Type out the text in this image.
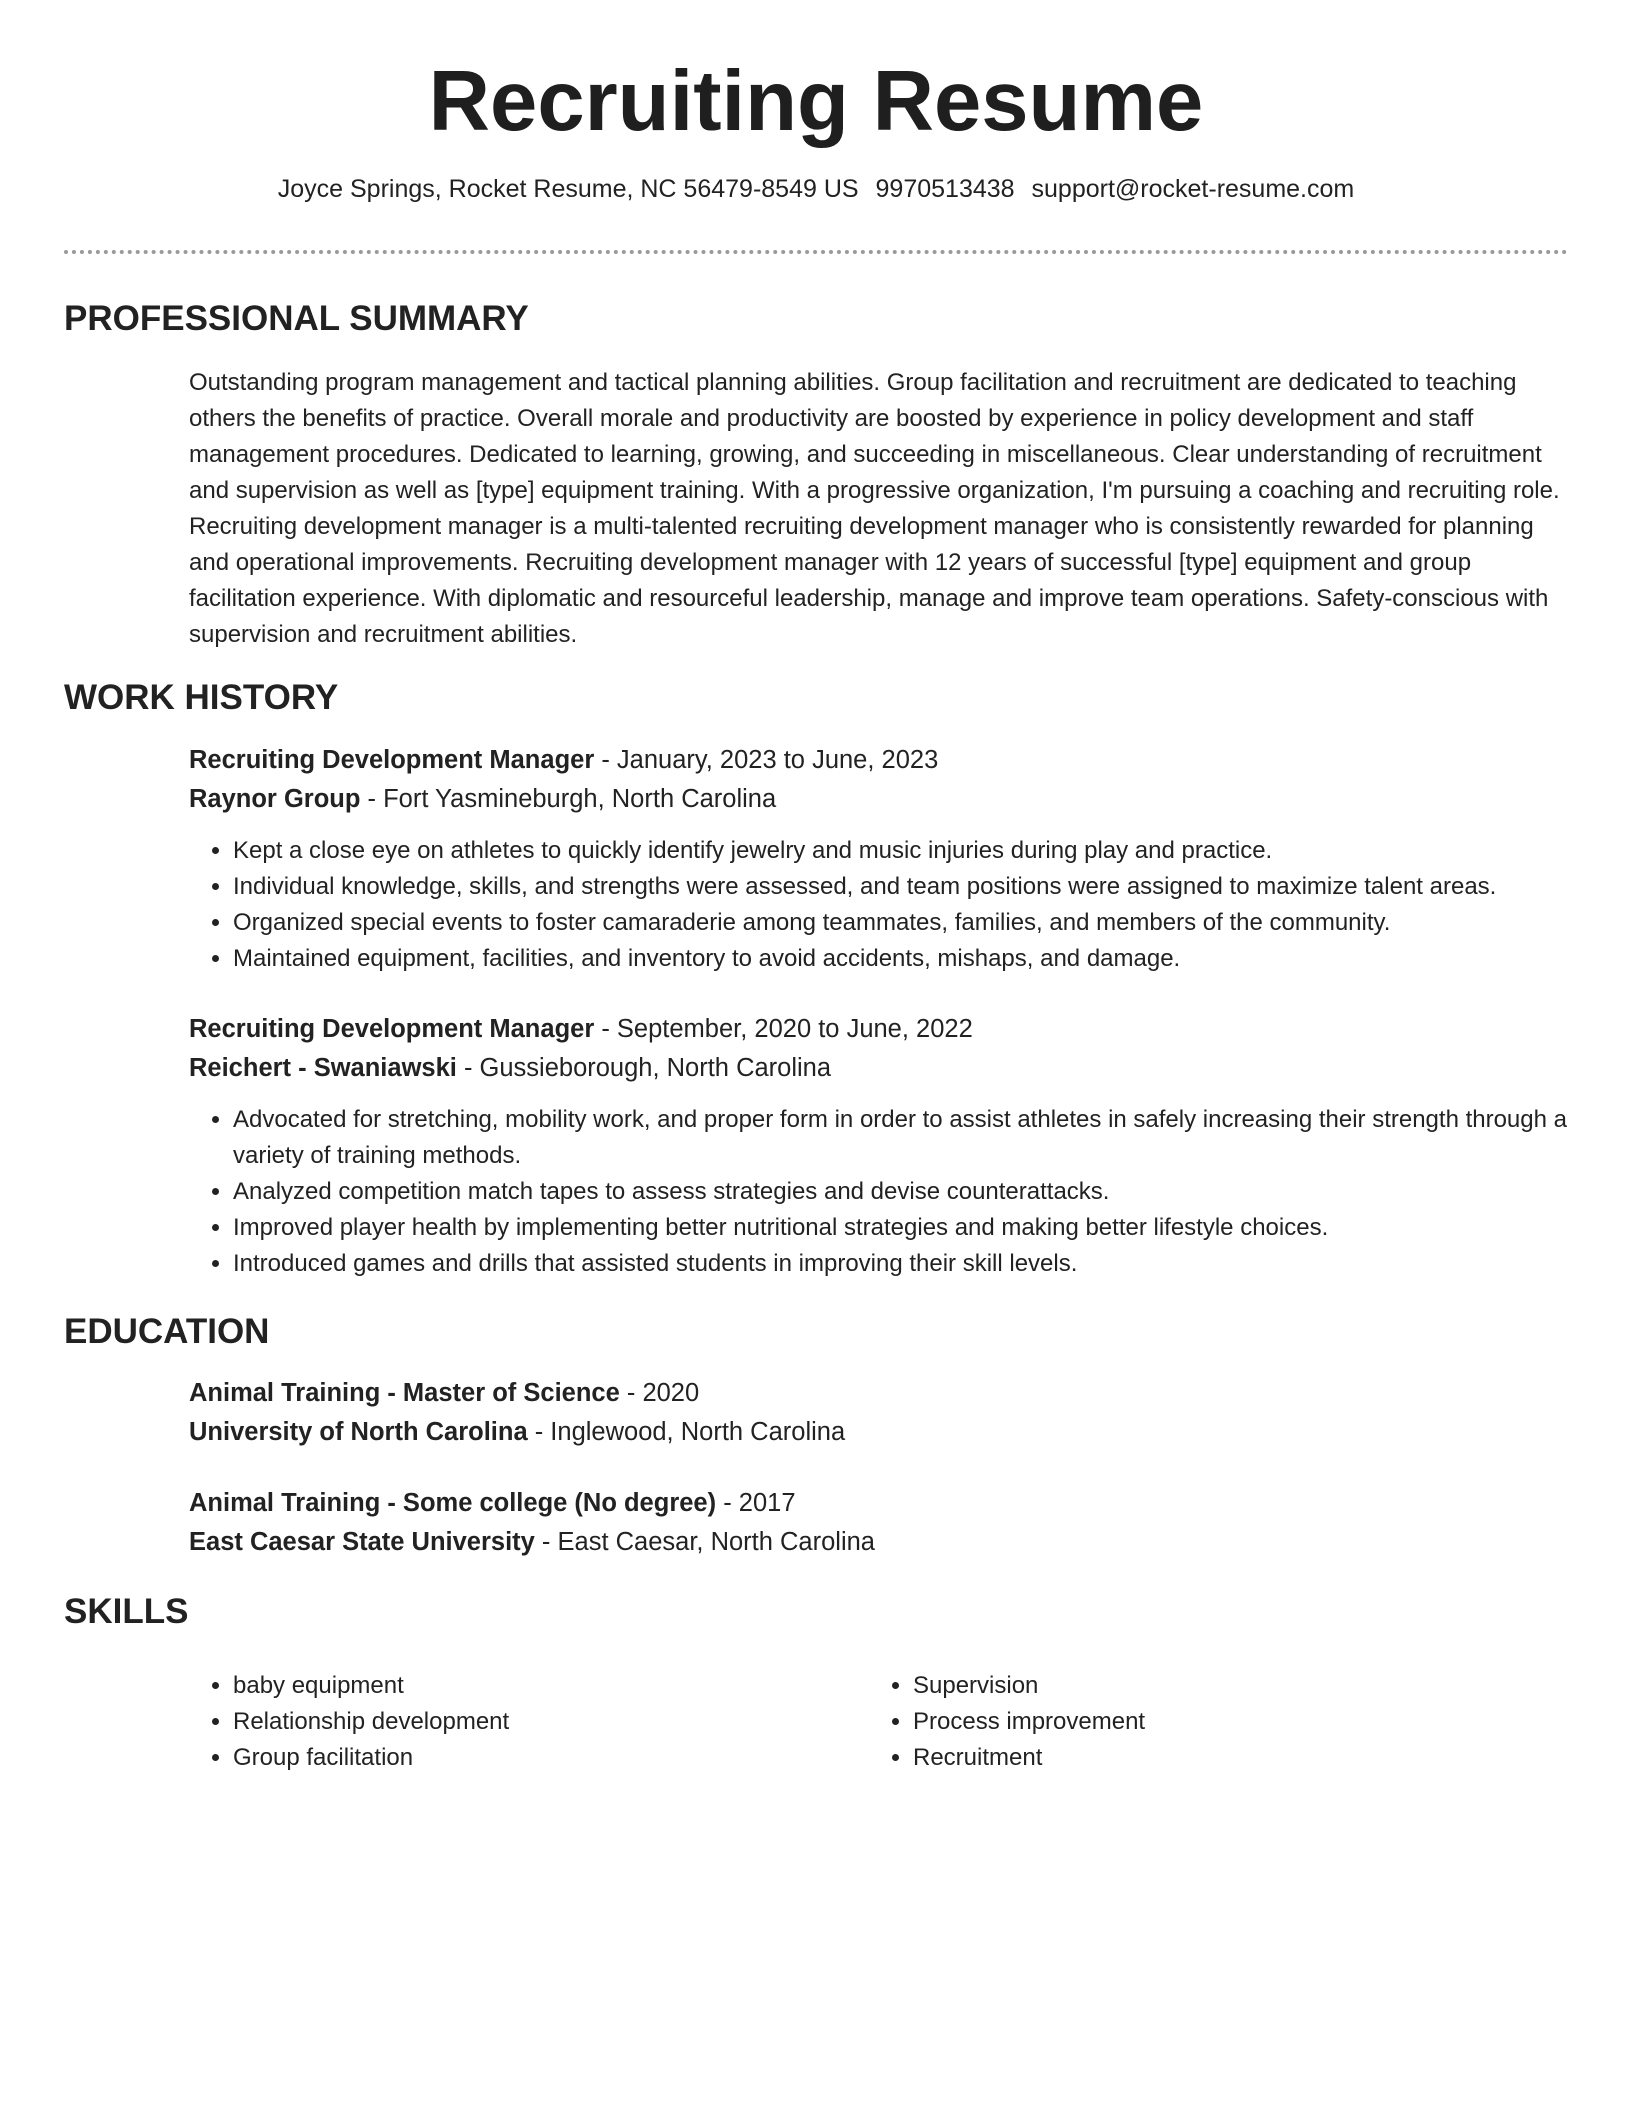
Recruiting Resume
Joyce Springs, Rocket Resume, NC 56479-8549 US 9970513438 support@rocket-resume.com
PROFESSIONAL SUMMARY

Outstanding program management and tactical planning abilities. Group facilitation and recruitment are dedicated to teaching others the benefits of practice. Overall morale and productivity are boosted by experience in policy development and staff management procedures. Dedicated to learning, growing, and succeeding in miscellaneous. Clear understanding of recruitment and supervision as well as [type] equipment training. With a progressive organization, I'm pursuing a coaching and recruiting role. Recruiting development manager is a multi-talented recruiting development manager who is consistently rewarded for planning and operational improvements. Recruiting development manager with 12 years of successful [type] equipment and group facilitation experience. With diplomatic and resourceful leadership, manage and improve team operations. Safety-conscious with supervision and recruitment abilities.

WORK HISTORY
Recruiting Development Manager - January, 2023 to June, 2023
Raynor Group - Fort Yasmineburgh, North Carolina
• Kept a close eye on athletes to quickly identify jewelry and music injuries during play and practice.
• Individual knowledge, skills, and strengths were assessed, and team positions were assigned to maximize talent areas.
• Organized special events to foster camaraderie among teammates, families, and members of the community.
• Maintained equipment, facilities, and inventory to avoid accidents, mishaps, and damage.
Recruiting Development Manager - September, 2020 to June, 2022
Reichert - Swaniawski - Gussieborough, North Carolina
• Advocated for stretching, mobility work, and proper form in order to assist athletes in safely increasing their strength through a variety of training methods.
• Analyzed competition match tapes to assess strategies and devise counterattacks.
• Improved player health by implementing better nutritional strategies and making better lifestyle choices.
• Introduced games and drills that assisted students in improving their skill levels.
EDUCATION
Animal Training - Master of Science - 2020
University of North Carolina - Inglewood, North Carolina
Animal Training - Some college (No degree) - 2017
East Caesar State University - East Caesar, North Carolina
SKILLS
• baby equipment
• Relationship development
• Group facilitation
• Supervision
• Process improvement
• Recruitment
